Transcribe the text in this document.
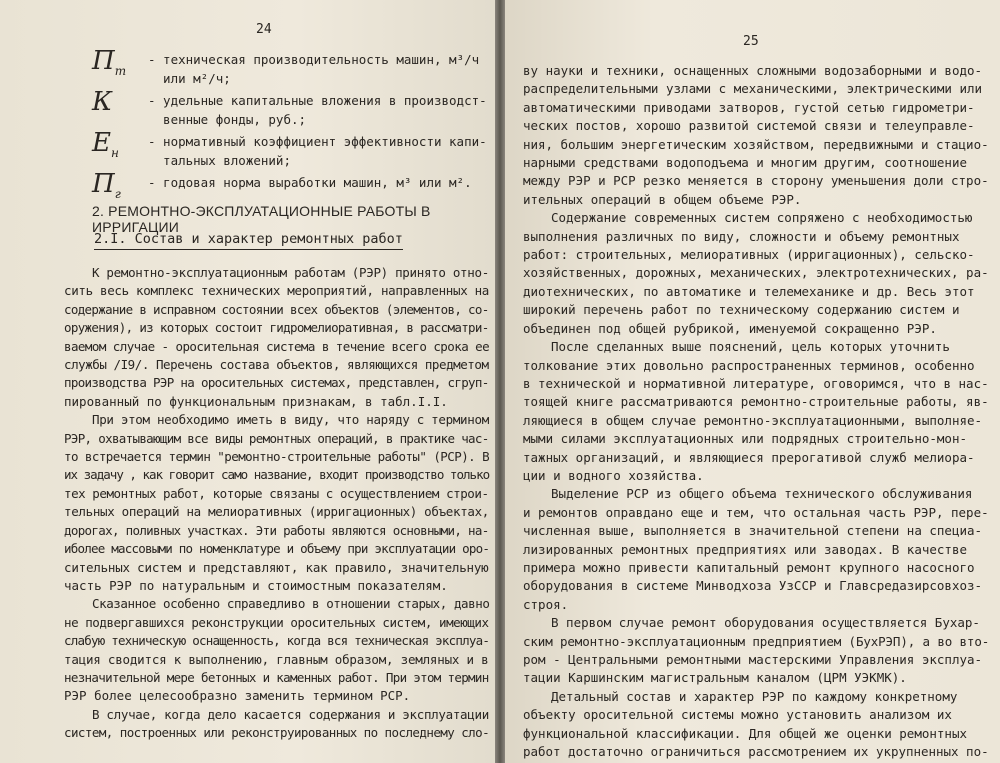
24
$П_т$
- техническая производительность машин, м³/ч
или м²/ч;
К	- удельные капитальные вложения в производст-
венные фонды, руб.;
$Е_н$
- нормативный коэффициент эффективности капи-
тальных вложений;
$П_г$
- годовая норма выработки машин, м³ или м².
2. РЕМОНТНО-ЭКСПЛУАТАЦИОННЫЕ РАБОТЫ В ИРРИГАЦИИ
2.I. Состав и характер ремонтных работ
К ремонтно-эксплуатационным работам (РЭР) принято отно-
сить весь комплекс технических мероприятий, направленных на
содержание в исправном состоянии всех объектов (элементов, со-
оружения), из которых состоит гидромелиоративная, в рассматри-
ваемом случае - оросительная система в течение всего срока ее
службы /I9/. Перечень состава объектов, являющихся предметом
производства РЭР на оросительных системах, представлен, сгруп-
пированный по функциональным признакам, в табл.I.I.
При этом необходимо иметь в виду, что наряду с термином
РЭР, охватывающим все виды ремонтных операций, в практике час-
то встречается термин "ремонтно-строительные работы" (РСР). В
их задачу , как говорит само название, входит производство только
тех ремонтных работ, которые связаны с осуществлением строи-
тельных операций на мелиоративных (ирригационных) объектах,
дорогах, поливных участках. Эти работы являются основными, на-
иболее массовыми по номенклатуре и объему при эксплуатации оро-
сительных систем и представляют, как правило, значительную
часть РЭР по натуральным и стоимостным показателям.
Сказанное особенно справедливо в отношении старых, давно
не подвергавшихся реконструкции оросительных систем, имеющих
слабую техническую оснащенность, когда вся техническая эксплуа-
тация сводится к выполнению, главным образом, земляных и в
незначительной мере бетонных и каменных работ. При этом термин
РЭР более целесообразно заменить термином РСР.
В случае, когда дело касается содержания и эксплуатации
систем, построенных или реконструированных по последнему сло-
25
ву науки и техники, оснащенных сложными водозаборными и водо-
распределительными узлами с механическими, электрическими или
автоматическими приводами затворов, густой сетью гидрометри-
ческих постов, хорошо развитой системой связи и телеуправле-
ния, большим энергетическим хозяйством, передвижными и стацио-
нарными средствами водоподъема и многим другим, соотношение
между РЭР и РСР резко меняется в сторону уменьшения доли стро-
ительных операций в общем объеме РЭР.
Содержание современных систем сопряжено с необходимостью
выполнения различных по виду, сложности и объему ремонтных
работ: строительных, мелиоративных (ирригационных), сельско-
хозяйственных, дорожных, механических, электротехнических, ра-
диотехнических, по автоматике и телемеханике и др. Весь этот
широкий перечень работ по техническому содержанию систем и
объединен под общей рубрикой, именуемой сокращенно РЭР.
После сделанных выше пояснений, цель которых уточнить
толкование этих довольно распространенных терминов, особенно
в технической и нормативной литературе, оговоримся, что в нас-
тоящей книге рассматриваются ремонтно-строительные работы, яв-
ляющиеся в общем случае ремонтно-эксплуатационными, выполняе-
мыми силами эксплуатационных или подрядных строительно-мон-
тажных организаций, и являющиеся прерогативой служб мелиора-
ции и водного хозяйства.
Выделение РСР из общего объема технического обслуживания
и ремонтов оправдано еще и тем, что остальная часть РЭР, пере-
численная выше, выполняется в значительной степени на специа-
лизированных ремонтных предприятиях или заводах. В качестве
примера можно привести капитальный ремонт крупного насосного
оборудования в системе Минводхоза УзССР и Главсредазирсовхоз-
строя.
В первом случае ремонт оборудования осуществляется Бухар-
ским ремонтно-эксплуатационным предприятием (БухРЭП), а во вто-
ром - Центральными ремонтными мастерскими Управления эксплуа-
тации Каршинским магистральным каналом (ЦРМ УЭКМК).
Детальный состав и характер РЭР по каждому конкретному
объекту оросительной системы можно установить анализом их
функциональной классификации. Для общей же оценки ремонтных
работ достаточно ограничиться рассмотрением их укрупненных по-
